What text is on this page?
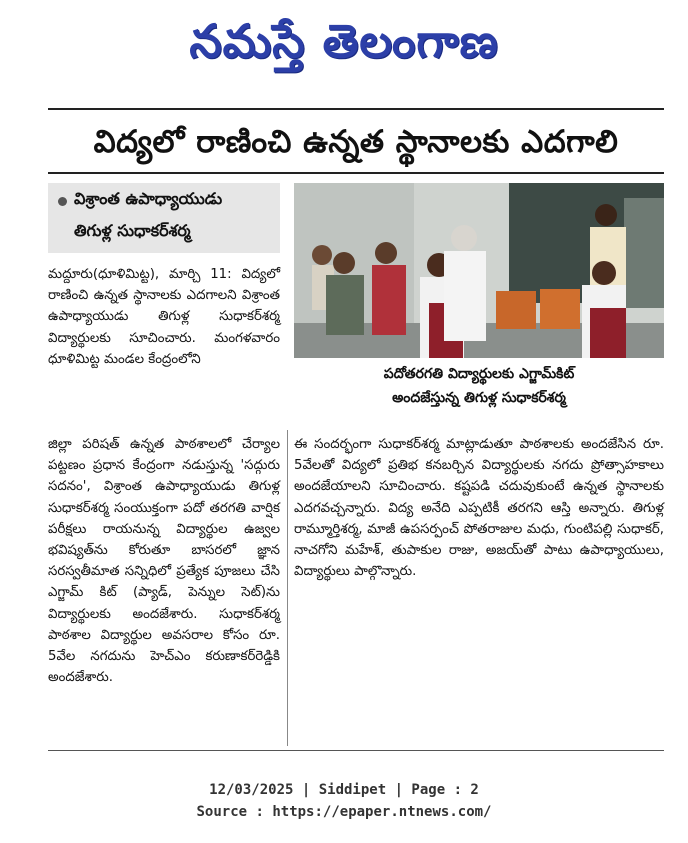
నమస్తే తెలంగాణ
విద్యలో రాణించి ఉన్నత స్థానాలకు ఎదగాలి
విశ్రాంత ఉపాధ్యాయుడు
తిగుళ్ల సుధాకర్‌శర్మ
పదోతరగతి విద్యార్థులకు ఎగ్జామ్‌కిట్
అందజేస్తున్న తిగుళ్ల సుధాకర్‌శర్మ

మద్దూరు(ధూళిమిట్ట), మార్చి 11: విద్యలో రాణించి ఉన్నత స్థానాలకు ఎదగాలని విశ్రాంత ఉపాధ్యాయుడు తిగుళ్ల సుధాకర్‌శర్మ విద్యార్థులకు సూచించారు. మంగళవారం ధూళిమిట్ట మండల కేంద్రంలోని

జిల్లా పరిషత్ ఉన్నత పాఠశాలలో చేర్యాల పట్టణం ప్రధాన కేంద్రంగా నడుస్తున్న 'సద్గురు సదనం', విశ్రాంత ఉపాధ్యాయుడు తిగుళ్ల సుధాకర్‌శర్మ సంయుక్తంగా పదో తరగతి వార్షిక పరీక్షలు రాయనున్న విద్యార్థుల ఉజ్వల భవిష్యత్‌ను కోరుతూ బాసరలో జ్ఞాన సరస్వతీమాత సన్నిధిలో ప్రత్యేక పూజలు చేసి ఎగ్జామ్ కిట్ (ప్యాడ్, పెన్నుల సెట్)ను విద్యార్థులకు అందజేశారు. సుధాకర్‌శర్మ పాఠశాల విద్యార్థుల అవసరాల కోసం రూ. 5వేల నగదును హెచ్‌ఎం కరుణాకర్‌రెడ్డికి అందజేశారు.

ఈ సందర్భంగా సుధాకర్‌శర్మ మాట్లాడుతూ పాఠశాలకు అందజేసిన రూ. 5వేలతో విద్యలో ప్రతిభ కనబర్చిన విద్యార్థులకు నగదు ప్రోత్సాహకాలు అందజేయాలని సూచించారు. కష్టపడి చదువుకుంటే ఉన్నత స్థానాలకు ఎదగవచ్చన్నారు. విద్య అనేది ఎప్పటికీ తరగని ఆస్తి అన్నారు. తిగుళ్ల రామ్మూర్తిశర్మ, మాజీ ఉపసర్పంచ్ పోతరాజుల మధు, గుంటిపల్లి సుధాకర్, నాచగోని మహేశ్, తుపాకుల రాజు, అజయ్‌తో పాటు ఉపాధ్యాయులు, విద్యార్థులు పాల్గొన్నారు.

12/03/2025 | Siddipet | Page : 2
Source : https://epaper.ntnews.com/
